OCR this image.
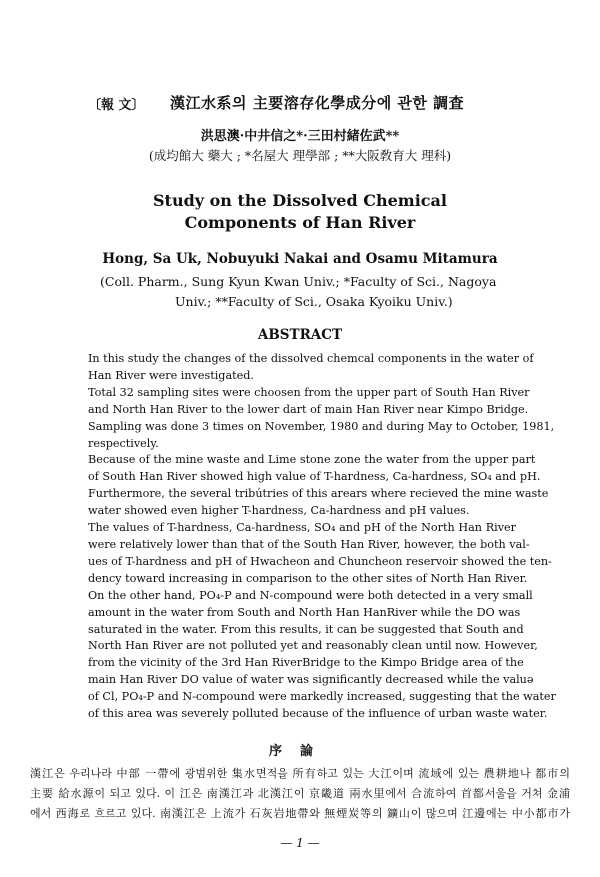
〔報 文〕 漢江水系의 主要溶存化學成分에 관한 調査
洪思澳·中井信之*·三田村緒佐武**
(成均館大 藥大 ; *名屋大 理學部 ; **大阪敎育大 理科)
Study on the Dissolved Chemical
Components of Han River
Hong, Sa Uk, Nobuyuki Nakai and Osamu Mitamura
(Coll. Pharm., Sung Kyun Kwan Univ.; *Faculty of Sci., Nagoya
Univ.; **Faculty of Sci., Osaka Kyoiku Univ.)
ABSTRACT
In this study the changes of the dissolved chemcal components in the water of
Han River were investigated.
Total 32 sampling sites were choosen from the upper part of South Han River
and North Han River to the lower dart of main Han River near Kimpo Bridge.
Sampling was done 3 times on November, 1980 and during May to October, 1981,
respectively.
Because of the mine waste and Lime stone zone the water from the upper part
of South Han River showed high value of T-hardness, Ca-hardness, SO₄ and pH.
Furthermore, the several tribútries of this arears where recieved the mine waste
water showed even higher T-hardness, Ca-hardness and pH values.
The values of T-hardness, Ca-hardness, SO₄ and pH of the North Han River
were relatively lower than that of the South Han River, however, the both val-
ues of T-hardness and pH of Hwacheon and Chuncheon reservoir showed the ten-
dency toward increasing in comparison to the other sites of North Han River.
On the other hand, PO₄-P and N-compound were both detected in a very small
amount in the water from South and North Han HanRiver while the DO was
saturated in the water. From this results, it can be suggested that South and
North Han River are not polluted yet and reasonably clean until now. However,
from the vicinity of the 3rd Han RiverBridge to the Kimpo Bridge area of the
main Han River DO value of water was significantly decreased while the valuə
of Cl, PO₄-P and N-compound were markedly increased, suggesting that the water
of this area was severely polluted because of the influence of urban waste water.
序論
漢江은 우리나라 中部 一帶에 광범위한 集水면적을 所有하고 있는 大江이며 流域에 있는 農耕地나 都市의
主要 給水源이 되고 있다. 이 江은 南漢江과 北漢江이 京畿道 兩水里에서 合流하여 首都서울을 거쳐 金浦
에서 西海로 흐르고 있다. 南漢江은 上流가 石灰岩地帶와 無煙炭等의 鑛山이 많으며 江邊에는 中小都市가
— 1 —
